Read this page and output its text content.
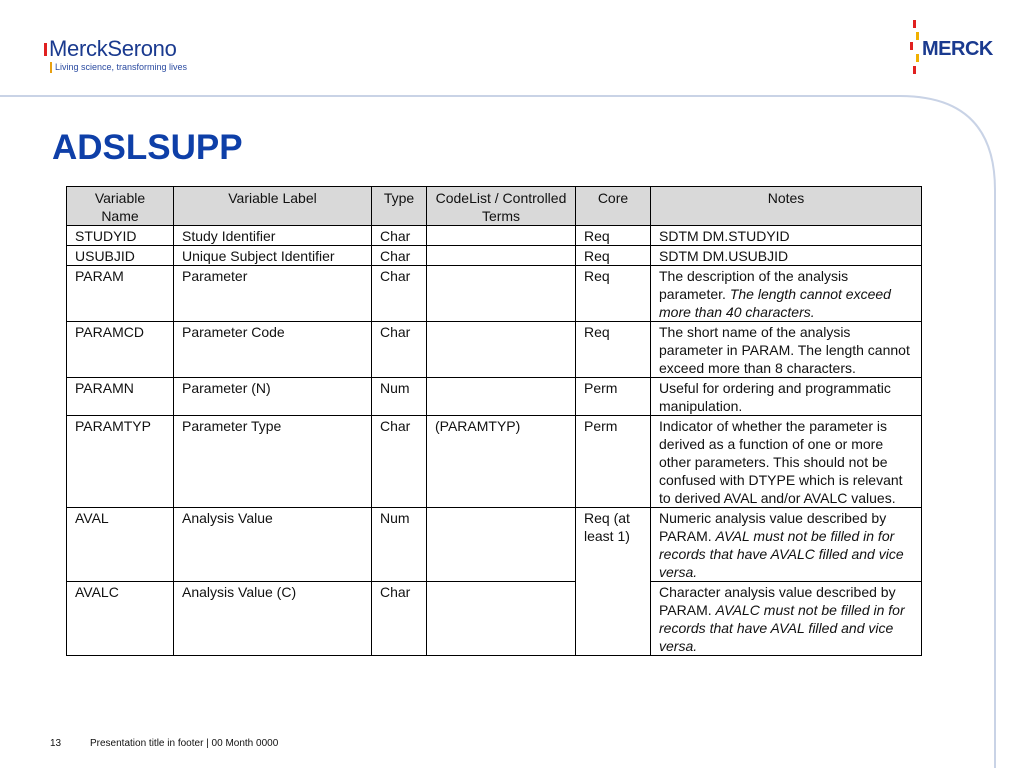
MerckSerono
Living science, transforming lives
MERCK
ADSLSUPP
Variable Name	Variable Label	Type	CodeList / Controlled Terms	Core	Notes
STUDYID	Study Identifier	Char		Req	SDTM DM.STUDYID
USUBJID	Unique Subject Identifier	Char		Req	SDTM DM.USUBJID
PARAM	Parameter	Char		Req	The description of the analysis parameter. The length cannot exceed more than 40 characters.
PARAMCD	Parameter Code	Char		Req	The short name of the analysis parameter in PARAM. The length cannot exceed more than 8 characters.
PARAMN	Parameter (N)	Num		Perm	Useful for ordering and programmatic manipulation.
PARAMTYP	Parameter Type	Char	(PARAMTYP)	Perm	Indicator of whether the parameter is derived as a function of one or more other parameters. This should not be confused with DTYPE which is relevant to derived AVAL and/or AVALC values.
AVAL	Analysis Value	Num		Req (at least 1)	Numeric analysis value described by PARAM. AVAL must not be filled in for records that have AVALC filled and vice versa.
AVALC	Analysis Value (C)	Char			Character analysis value described by PARAM. AVALC must not be filled in for records that have AVAL filled and vice versa.
13	Presentation title in footer | 00 Month 0000
